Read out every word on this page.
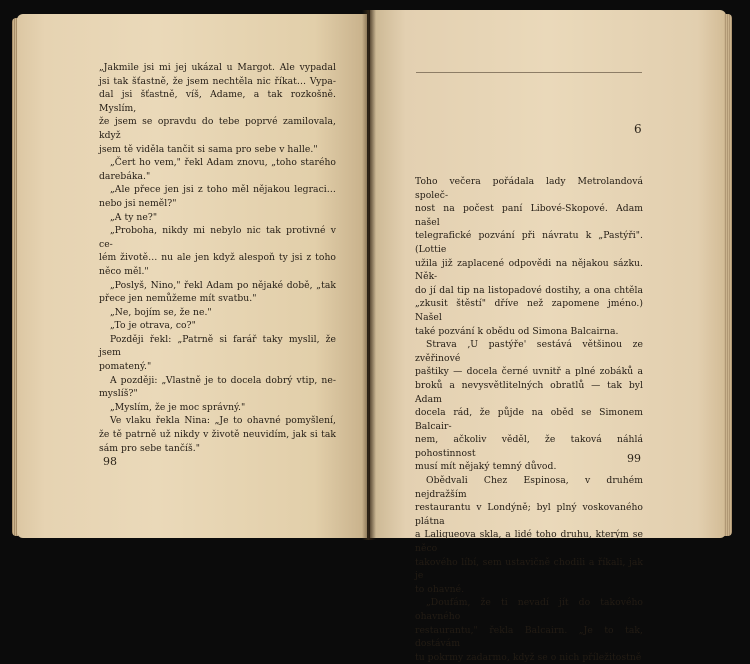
„Jakmile jsi mi jej ukázal u Margot. Ale vypadal
jsi tak šťastně, že jsem nechtěla nic říkat… Vypa-
dal jsi šťastně, víš, Adame, a tak rozkošně. Myslím,
že jsem se opravdu do tebe poprvé zamilovala, když
jsem tě viděla tančit si sama pro sebe v halle."
„Čert ho vem," řekl Adam znovu, „toho starého
darebáka."
„Ale přece jen jsi z toho měl nějakou legraci…
nebo jsi neměl?"
„A ty ne?"
„Proboha, nikdy mi nebylo nic tak protivné v ce-
lém životě… nu ale jen když alespoň ty jsi z toho
něco měl."
„Poslyš, Nino," řekl Adam po nějaké době, „tak
přece jen nemůžeme mít svatbu."
„Ne, bojím se, že ne."
„To je otrava, co?"
Později řekl: „Patrně si farář taky myslil, že jsem
pomatený."
A později: „Vlastně je to docela dobrý vtip, ne-
myslíš?"
„Myslím, že je moc správný."
Ve vlaku řekla Nina: „Je to ohavné pomyšlení,
že tě patrně už nikdy v životě neuvidím, jak si tak
sám pro sebe tančíš."
98
6
Toho večera pořádala lady Metrolandová společ-
nost na počest paní Libové-Skopové. Adam našel
telegrafické pozvání při návratu k „Pastýři". (Lottie
užila již zaplacené odpovědi na nějakou sázku. Něk-
do jí dal tip na listopadové dostihy, a ona chtěla
„zkusit štěstí" dříve než zapomene jméno.) Našel
také pozvání k obědu od Simona Balcairna.
Strava ‚U pastýře' sestává většinou ze zvěřinové
paštiky — docela černé uvnitř a plné zobáků a
broků a nevysvětlitelných obratlů — tak byl Adam
docela rád, že půjde na oběd se Simonem Balcair-
nem, ačkoliv věděl, že taková náhlá pohostinnost
musí mít nějaký temný důvod.
Obědvali Chez Espinosa, v druhém nejdražším
restaurantu v Londýně; byl plný voskovaného plátna
a Laliqueova skla, a lidé toho druhu, kterým se něco
takového líbí, sem ustavičně chodili a říkali, jak je
to ohavné.
„Doufám, že ti nevadí jít do takového ohavného
restaurantu," řekla Balcairn. „Je to tak, dostávám
tu pokrmy zadarmo, když se o nich příležitostně
99
